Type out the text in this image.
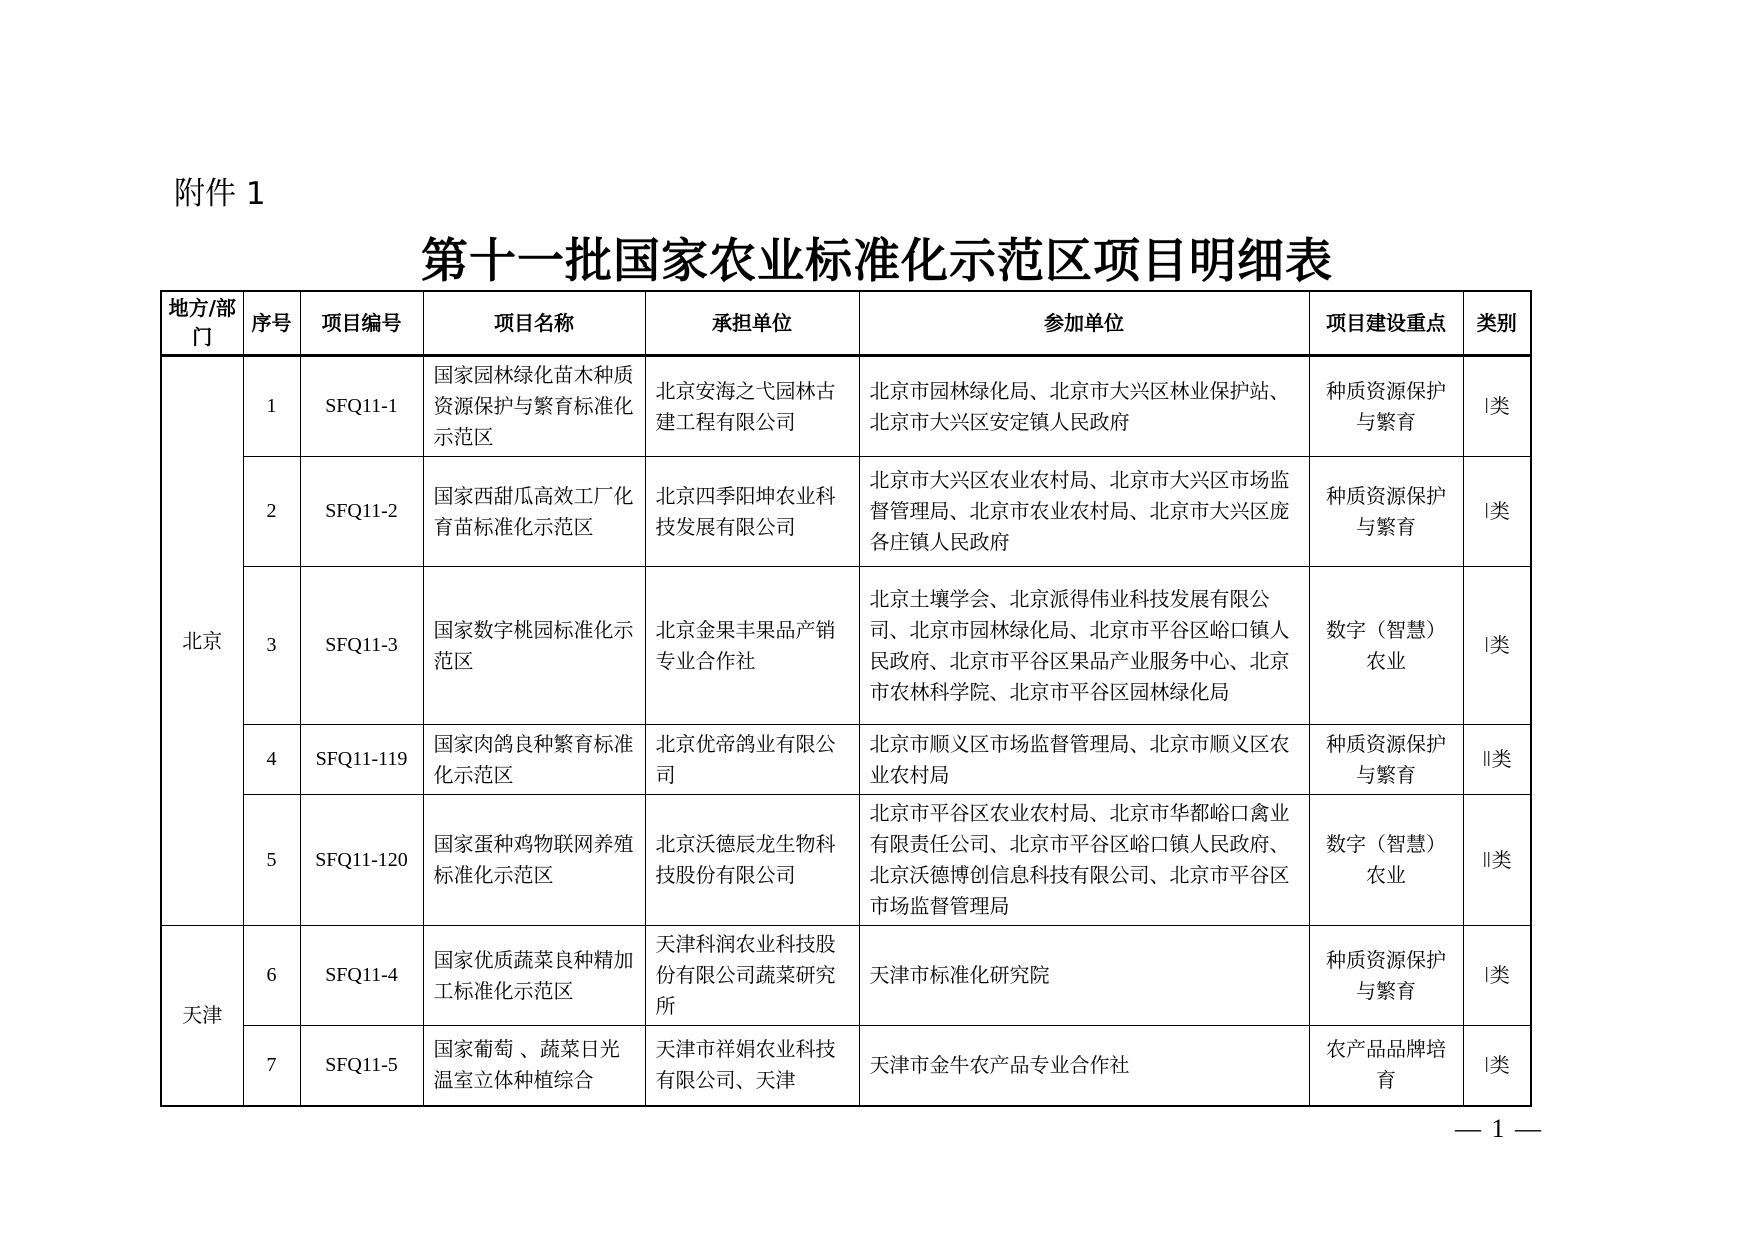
附件 1
第十一批国家农业标准化示范区项目明细表
地方/部门	序号	项目编号	项目名称	承担单位	参加单位	项目建设重点	类别
北京	1	SFQ11-1	国家园林绿化苗木种质资源保护与繁育标准化示范区	北京安海之弋园林古建工程有限公司	北京市园林绿化局、北京市大兴区林业保护站、北京市大兴区安定镇人民政府	种质资源保护与繁育	Ⅰ类
	2	SFQ11-2	国家西甜瓜高效工厂化育苗标准化示范区	北京四季阳坤农业科技发展有限公司	北京市大兴区农业农村局、北京市大兴区市场监督管理局、北京市农业农村局、北京市大兴区庞各庄镇人民政府	种质资源保护与繁育	Ⅰ类
	3	SFQ11-3	国家数字桃园标准化示范区	北京金果丰果品产销专业合作社	北京土壤学会、北京派得伟业科技发展有限公司、北京市园林绿化局、北京市平谷区峪口镇人民政府、北京市平谷区果品产业服务中心、北京市农林科学院、北京市平谷区园林绿化局	数字（智慧）农业	Ⅰ类
	4	SFQ11-119	国家肉鸽良种繁育标准化示范区	北京优帝鸽业有限公司	北京市顺义区市场监督管理局、北京市顺义区农业农村局	种质资源保护与繁育	Ⅱ类
	5	SFQ11-120	国家蛋种鸡物联网养殖标准化示范区	北京沃德辰龙生物科技股份有限公司	北京市平谷区农业农村局、北京市华都峪口禽业有限责任公司、北京市平谷区峪口镇人民政府、北京沃德博创信息科技有限公司、北京市平谷区市场监督管理局	数字（智慧）农业	Ⅱ类
天津	6	SFQ11-4	国家优质蔬菜良种精加工标准化示范区	天津科润农业科技股份有限公司蔬菜研究所	天津市标准化研究院	种质资源保护与繁育	Ⅰ类
	7	SFQ11-5	国家葡萄 、蔬菜日光温室立体种植综合	天津市祥娟农业科技有限公司、天津	天津市金牛农产品专业合作社	农产品品牌培育	Ⅰ类
— 1 —
